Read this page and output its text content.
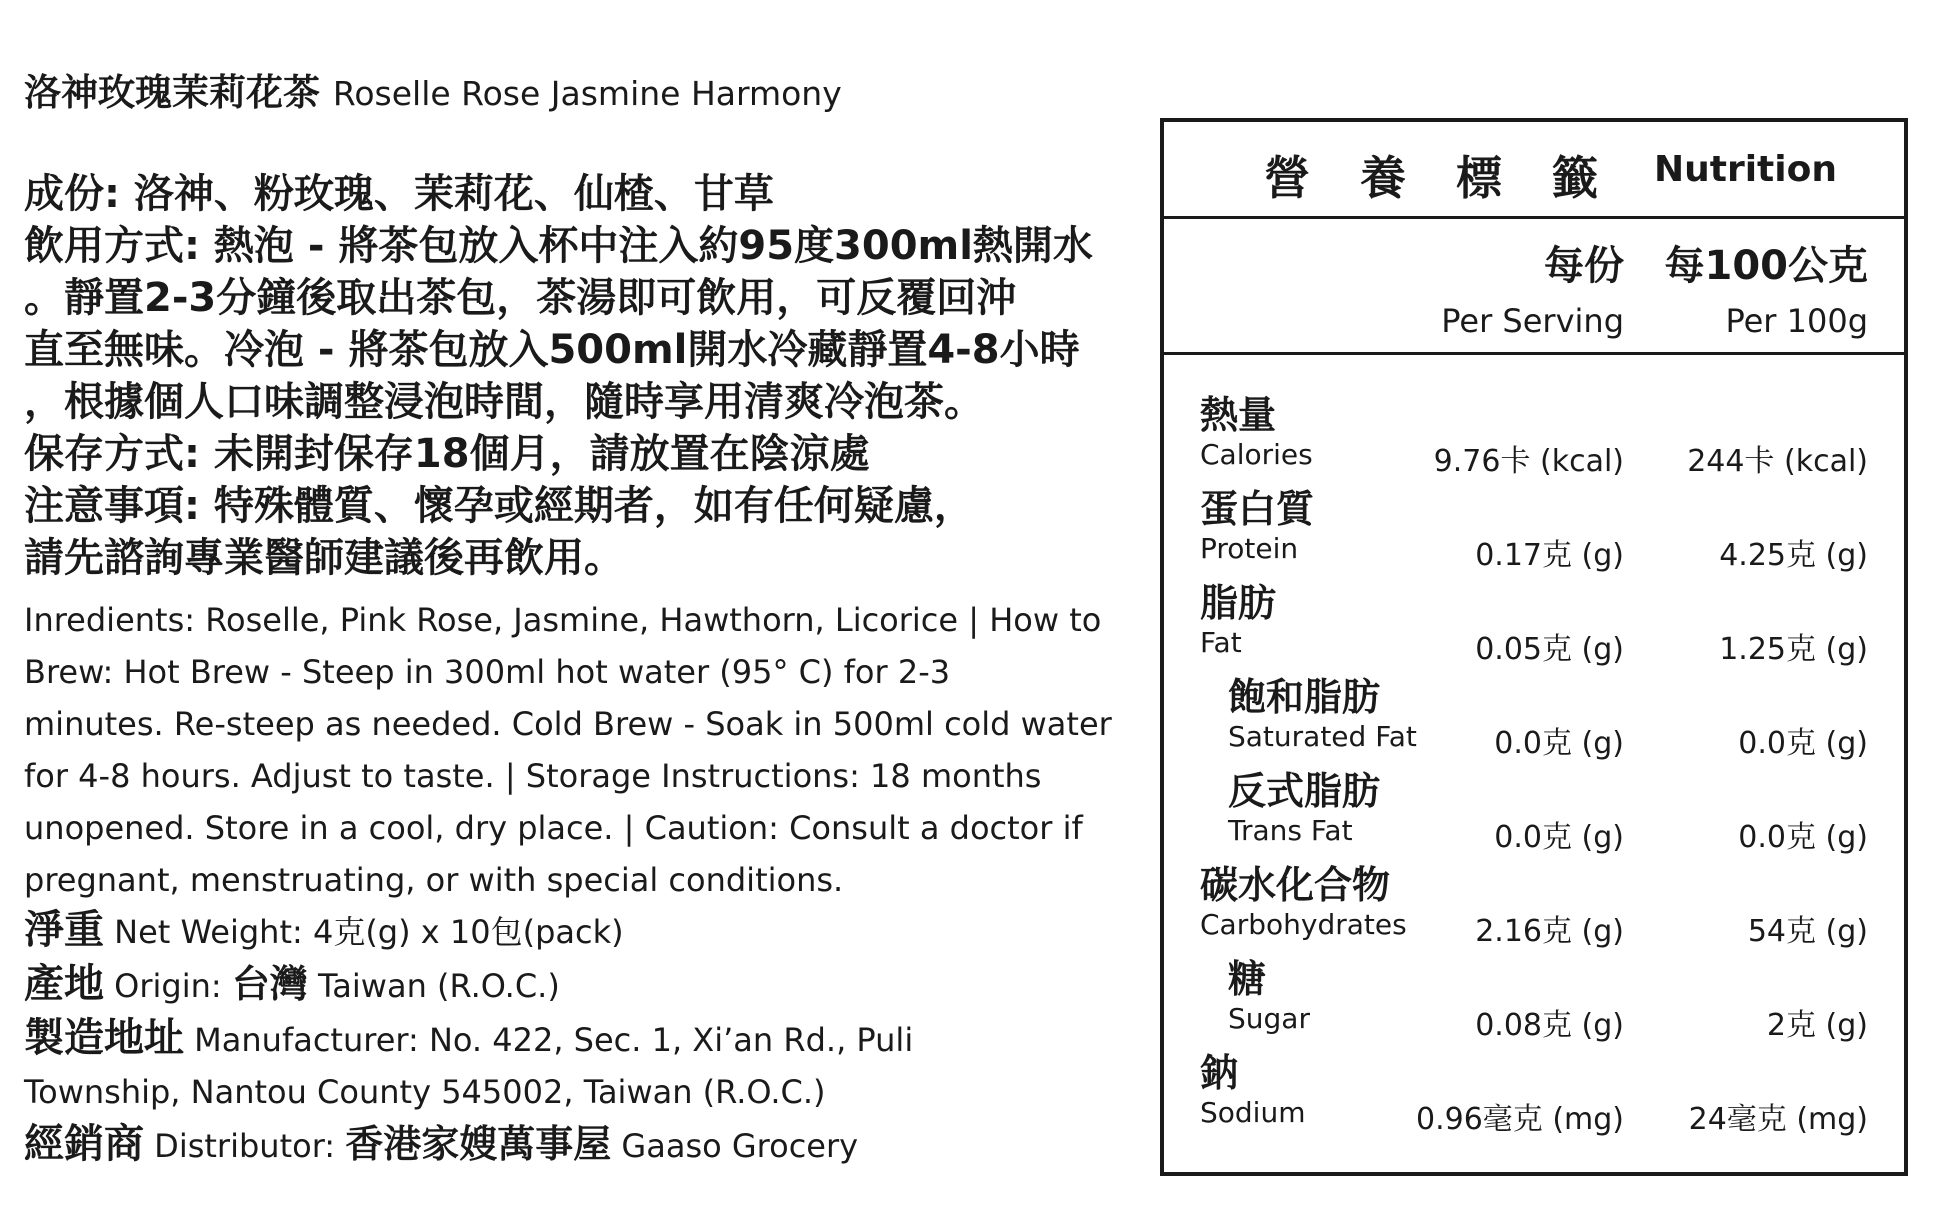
洛神玫瑰茉莉花茶 Roselle Rose Jasmine Harmony

成份: 洛神、粉玫瑰、茉莉花、仙楂、甘草

飲用方式: 熱泡 - 將茶包放入杯中注入約95度300ml熱開水

。靜置2-3分鐘後取出茶包，茶湯即可飲用，可反覆回沖

直至無味。冷泡 - 將茶包放入500ml開水冷藏靜置4-8小時

，根據個人口味調整浸泡時間，隨時享用清爽冷泡茶。

保存方式: 未開封保存18個月，請放置在陰涼處

注意事項: 特殊體質、懷孕或經期者，如有任何疑慮，

請先諮詢專業醫師建議後再飲用。

Inredients: Roselle, Pink Rose, Jasmine, Hawthorn, Licorice | How to

Brew: Hot Brew - Steep in 300ml hot water (95° C) for 2-3

minutes. Re-steep as needed. Cold Brew - Soak in 500ml cold water

for 4-8 hours. Adjust to taste. | Storage Instructions: 18 months

unopened. Store in a cool, dry place. | Caution: Consult a doctor if

pregnant, menstruating, or with special conditions.

淨重 Net Weight: 4克(g) x 10包(pack)

產地 Origin: 台灣 Taiwan (R.O.C.)

製造地址 Manufacturer: No. 422, Sec. 1, Xi’an Rd., Puli

Township, Nantou County 545002, Taiwan (R.O.C.)

經銷商 Distributor: 香港家嫂萬事屋 Gaaso Grocery

營養標籤 Nutrition
每份 每100公克
Per Serving	Per 100g
熱量
Calories	9.76卡 (kcal) 244卡 (kcal)
蛋白質
Protein	0.17克 (g)	4.25克 (g)
脂肪
Fat	0.05克 (g)	1.25克 (g)
飽和脂肪
Saturated Fat	0.0克 (g)	0.0克 (g)
反式脂肪
Trans Fat	0.0克 (g)	0.0克 (g)
碳水化合物
Carbohydrates 2.16克 (g)	54克 (g)
糖
Sugar	0.08克 (g)	2克 (g)
鈉
Sodium	0.96毫克 (mg) 24毫克 (mg)
